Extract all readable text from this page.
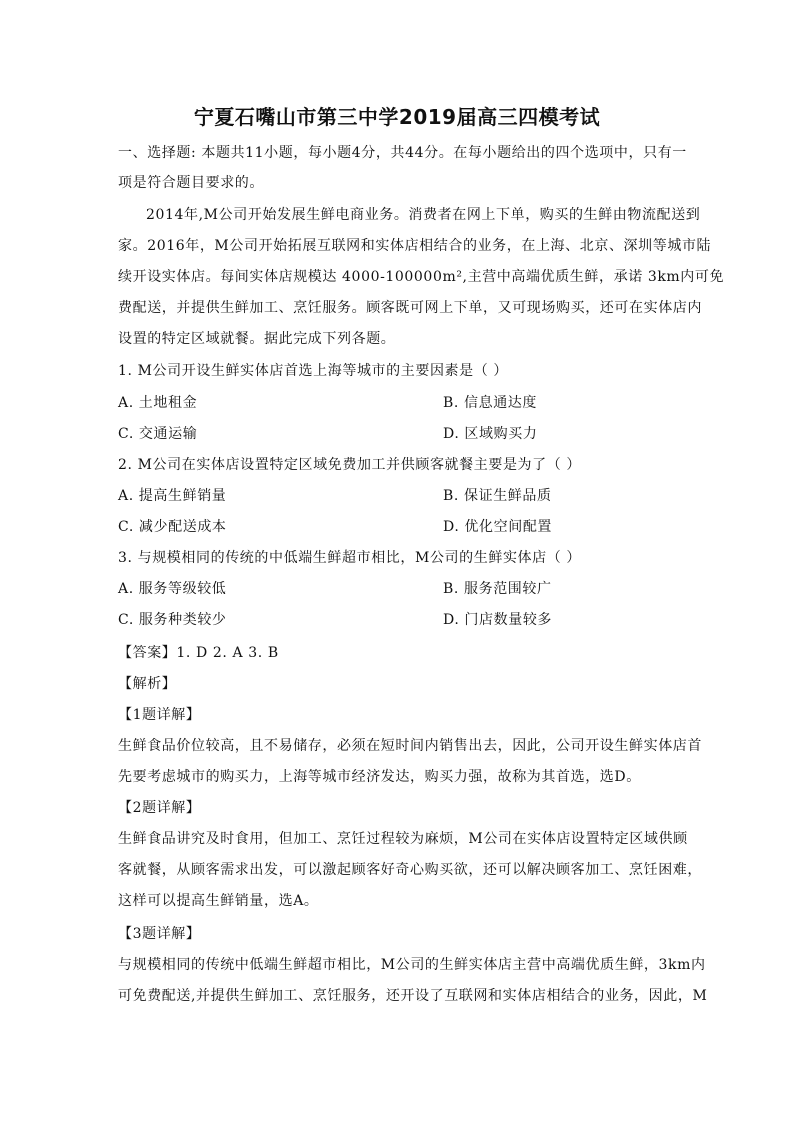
宁夏石嘴山市第三中学2019届高三四模考试
一、选择题: 本题共11小题，每小题4分，共44分。在每小题给出的四个选项中，只有一
项是符合题目要求的。
2014年,M公司开始发展生鲜电商业务。消费者在网上下单，购买的生鲜由物流配送到
家。2016年，M公司开始拓展互联网和实体店相结合的业务，在上海、北京、深圳等城市陆
续开设实体店。每间实体店规模达 4000-100000m²,主营中高端优质生鲜，承诺 3km内可免
费配送，并提供生鲜加工、烹饪服务。顾客既可网上下单，又可现场购买，还可在实体店内
设置的特定区域就餐。据此完成下列各题。
1. M公司开设生鲜实体店首选上海等城市的主要因素是（ ）
A. 土地租金	B. 信息通达度
C. 交通运输	D. 区域购买力
2. M公司在实体店设置特定区域免费加工并供顾客就餐主要是为了（ ）
A. 提高生鲜销量	B. 保证生鲜品质
C. 减少配送成本	D. 优化空间配置
3. 与规模相同的传统的中低端生鲜超市相比，M公司的生鲜实体店（ ）
A. 服务等级较低	B. 服务范围较广
C. 服务种类较少	D. 门店数量较多
【答案】1. D 2. A 3. B
【解析】
【1题详解】
生鲜食品价位较高，且不易储存，必须在短时间内销售出去，因此，公司开设生鲜实体店首
先要考虑城市的购买力，上海等城市经济发达，购买力强，故称为其首选，选D。
【2题详解】
生鲜食品讲究及时食用，但加工、烹饪过程较为麻烦，M公司在实体店设置特定区域供顾
客就餐，从顾客需求出发，可以激起顾客好奇心购买欲，还可以解决顾客加工、烹饪困难，
这样可以提高生鲜销量，选A。
【3题详解】
与规模相同的传统中低端生鲜超市相比，M公司的生鲜实体店主营中高端优质生鲜，3km内
可免费配送,并提供生鲜加工、烹饪服务，还开设了互联网和实体店相结合的业务，因此，M
